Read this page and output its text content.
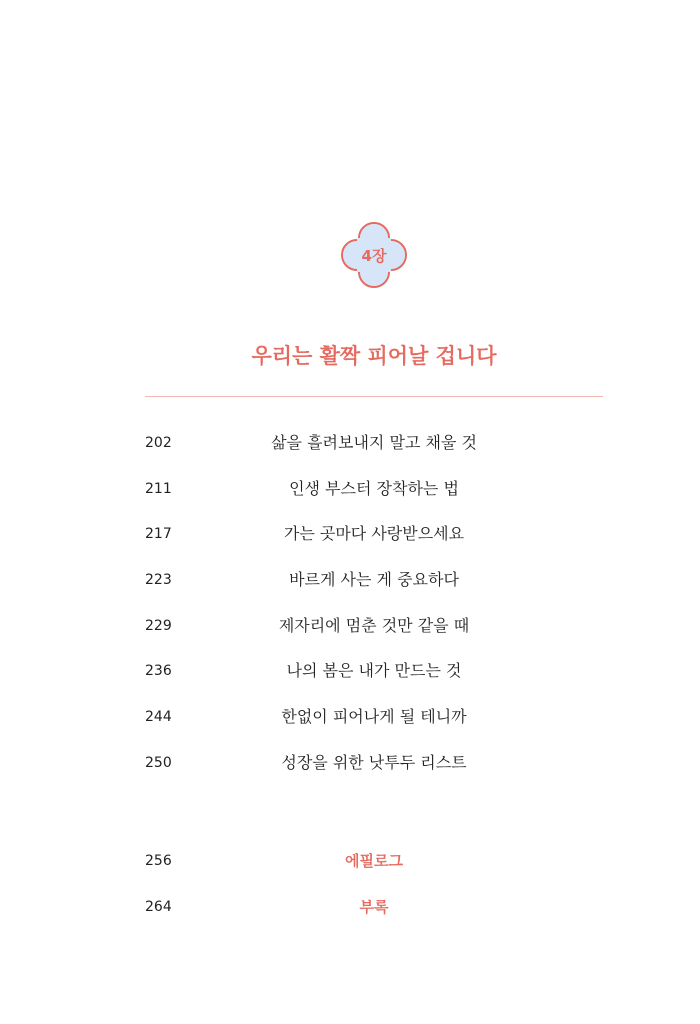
4장
우리는 활짝 피어날 겁니다
202	삶을 흘려보내지 말고 채울 것
211	인생 부스터 장착하는 법
217	가는 곳마다 사랑받으세요
223	바르게 사는 게 중요하다
229	제자리에 멈춘 것만 같을 때
236	나의 봄은 내가 만드는 것
244	한없이 피어나게 될 테니까
250	성장을 위한 낫투두 리스트
256	에필로그
264	부록
